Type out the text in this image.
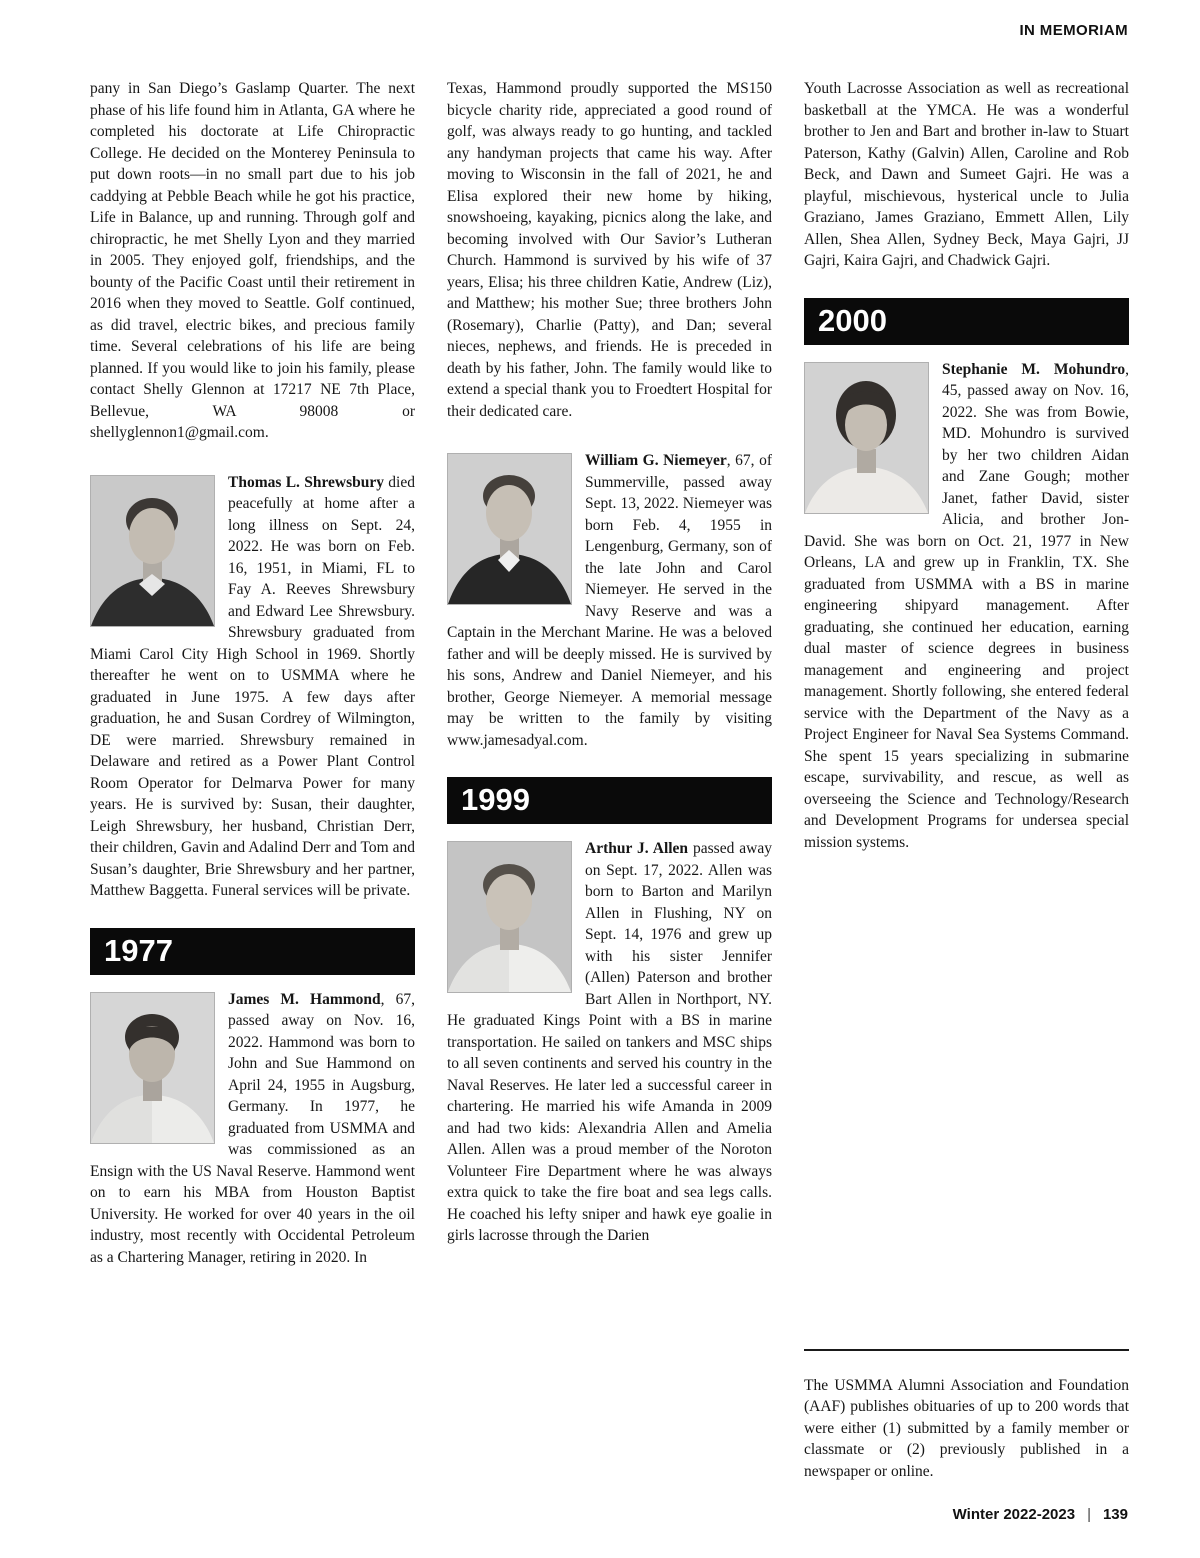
IN MEMORIAM

pany in San Diego’s Gaslamp Quarter. The next phase of his life found him in Atlanta, GA where he completed his doctorate at Life Chiropractic College. He decided on the Monterey Peninsula to put down roots—in no small part due to his job caddying at Pebble Beach while he got his practice, Life in Balance, up and running. Through golf and chiropractic, he met Shelly Lyon and they married in 2005. They enjoyed golf, friendships, and the bounty of the Pacific Coast until their retirement in 2016 when they moved to Seattle. Golf continued, as did travel, electric bikes, and precious family time. Several celebrations of his life are being planned. If you would like to join his family, please contact Shelly Glennon at 17217 NE 7th Place, Bellevue, WA 98008 or shellyglennon1@gmail.com.

Thomas L. Shrewsbury died peacefully at home after a long illness on Sept. 24, 2022. He was born on Feb. 16, 1951, in Miami, FL to Fay A. Reeves Shrewsbury and Edward Lee Shrewsbury. Shrewsbury graduated from Miami Carol City High School in 1969. Shortly thereafter he went on to USMMA where he graduated in June 1975. A few days after graduation, he and Susan Cordrey of Wilmington, DE were married. Shrewsbury remained in Delaware and retired as a Power Plant Control Room Operator for Delmarva Power for many years. He is survived by: Susan, their daughter, Leigh Shrewsbury, her husband, Christian Derr, their children, Gavin and Adalind Derr and Tom and Susan’s daughter, Brie Shrewsbury and her partner, Matthew Baggetta. Funeral services will be private.

1977

James M. Hammond, 67, passed away on Nov. 16, 2022. Hammond was born to John and Sue Hammond on April 24, 1955 in Augsburg, Germany. In 1977, he graduated from USMMA and was commissioned as an Ensign with the US Naval Reserve. Hammond went on to earn his MBA from Houston Baptist University. He worked for over 40 years in the oil industry, most recently with Occidental Petroleum as a Chartering Manager, retiring in 2020. In

Texas, Hammond proudly supported the MS150 bicycle charity ride, appreciated a good round of golf, was always ready to go hunting, and tackled any handyman projects that came his way. After moving to Wisconsin in the fall of 2021, he and Elisa explored their new home by hiking, snowshoeing, kayaking, picnics along the lake, and becoming involved with Our Savior’s Lutheran Church. Hammond is survived by his wife of 37 years, Elisa; his three children Katie, Andrew (Liz), and Matthew; his mother Sue; three brothers John (Rosemary), Charlie (Patty), and Dan; several nieces, nephews, and friends. He is preceded in death by his father, John. The family would like to extend a special thank you to Froedtert Hospital for their dedicated care.

William G. Niemeyer, 67, of Summerville, passed away Sept. 13, 2022. Niemeyer was born Feb. 4, 1955 in Lengenburg, Germany, son of the late John and Carol Niemeyer. He served in the Navy Reserve and was a Captain in the Merchant Marine. He was a beloved father and will be deeply missed. He is survived by his sons, Andrew and Daniel Niemeyer, and his brother, George Niemeyer. A memorial message may be written to the family by visiting www.jamesadyal.com.

1999

Arthur J. Allen passed away on Sept. 17, 2022. Allen was born to Barton and Marilyn Allen in Flushing, NY on Sept. 14, 1976 and grew up with his sister Jennifer (Allen) Paterson and brother Bart Allen in Northport, NY. He graduated Kings Point with a BS in marine transportation. He sailed on tankers and MSC ships to all seven continents and served his country in the Naval Reserves. He later led a successful career in chartering. He married his wife Amanda in 2009 and had two kids: Alexandria Allen and Amelia Allen. Allen was a proud member of the Noroton Volunteer Fire Department where he was always extra quick to take the fire boat and sea legs calls. He coached his lefty sniper and hawk eye goalie in girls lacrosse through the Darien

Youth Lacrosse Association as well as recreational basketball at the YMCA. He was a wonderful brother to Jen and Bart and brother in-law to Stuart Paterson, Kathy (Galvin) Allen, Caroline and Rob Beck, and Dawn and Sumeet Gajri. He was a playful, mischievous, hysterical uncle to Julia Graziano, James Graziano, Emmett Allen, Lily Allen, Shea Allen, Sydney Beck, Maya Gajri, JJ Gajri, Kaira Gajri, and Chadwick Gajri.

2000

Stephanie M. Mohundro, 45, passed away on Nov. 16, 2022. She was from Bowie, MD. Mohundro is survived by her two children Aidan and Zane Gough; mother Janet, father David, sister Alicia, and brother Jon-David. She was born on Oct. 21, 1977 in New Orleans, LA and grew up in Franklin, TX. She graduated from USMMA with a BS in marine engineering shipyard management. After graduating, she continued her education, earning dual master of science degrees in business management and engineering and project management. Shortly following, she entered federal service with the Department of the Navy as a Project Engineer for Naval Sea Systems Command. She spent 15 years specializing in submarine escape, survivability, and rescue, as well as overseeing the Science and Technology/Research and Development Programs for undersea special mission systems.

The USMMA Alumni Association and Foundation (AAF) publishes obituaries of up to 200 words that were either (1) submitted by a family member or classmate or (2) previously published in a newspaper or online.

Winter 2022-2023 | 139
